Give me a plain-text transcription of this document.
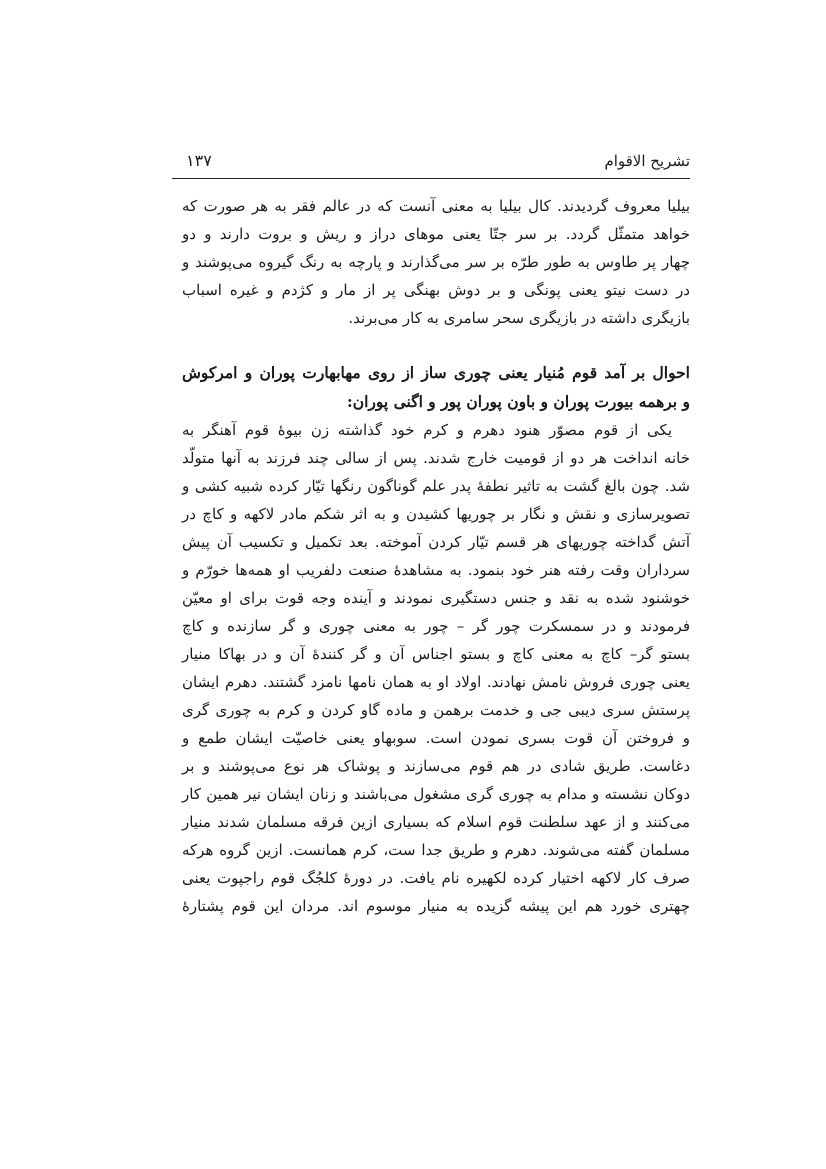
تشریح الاقوام
۱۳۷
بیلیا معروف گردیدند. کال بیلیا به معنی آنست که در عالم فقر به هر صورت که
خواهد متمثّل گردد. بر سر جتّا یعنی موهای دراز و ریش و بروت دارند و دو
چهار پر طاوس به طور طرّه بر سر می‌گذارند و پارچه به رنگ گیروه می‌پوشند و
در دست نیتو یعنی پونگی و بر دوش بهنگی پر از مار و کژدم و غیره اسباب
بازیگری داشته در بازیگری سحر سامری به کار می‌برند.
احوال بر آمد قوم مُنیار یعنی چوری ساز از روی مهابهارت پوران و امرکوش
و برهمه بیورت پوران و باون پوران پور و اگنی پوران:
یکی از قوم مصوّر هنود دهرم و کرم خود گذاشته زن بیوهٔ قوم آهنگر به
خانه انداخت هر دو از قومیت خارج شدند. پس از سالی چند فرزند به آنها متولّد
شد. چون بالغ گشت به تاثیر نطفهٔ پدر علم گوناگون رنگها تیّار کرده شبیه کشی و
تصویرسازی و نقش و نگار بر چوریها کشیدن و به اثر شکم مادر لاکهه و کاچ در
آتش گداخته چوریهای هر قسم تیّار کردن آموخته. بعد تکمیل و تکسیب آن پیش
سرداران وقت رفته هنر خود بنمود. به مشاهدهٔ صنعت دلفریب او همه‌ها خورّم و
خوشنود شده به نقد و جنس دستگیری نمودند و آینده وجه قوت برای او معیّن
فرمودند و در سمسکرت چور گر – چور به معنی چوری و گر سازنده و کاچ
بستو گر– کاچ به معنی کاچ و بستو اجناس آن و گر کنندهٔ آن و در بهاکا منیار
یعنی چوری فروش نامش نهادند. اولاد او به همان نامها نامزد گشتند. دهرم ایشان
پرستش سری دیبی جی و خدمت برهمن و ماده گاو کردن و کرم به چوری گری
و فروختن آن قوت بسری نمودن است. سوبهاو یعنی خاصیّت ایشان طمع و
دغاست. طریق شادی در هم قوم می‌سازند و پوشاک هر نوع می‌پوشند و بر
دوکان نشسته و مدام به چوری گری مشغول می‌باشند و زنان ایشان نیر همین کار
می‌کنند و از عهد سلطنت قوم اسلام که بسیاری ازین فرقه مسلمان شدند منیار
مسلمان گفته می‌شوند. دهرم و طریق جدا ست، کرم همانست. ازین گروه هرکه
صرف کار لاکهه اختیار کرده لکهیره نام یافت. در دورهٔ کلجُگ قوم راجپوت یعنی
چهتری خورد هم این پیشه گزیده به منیار موسوم اند. مردان این قوم پشتارهٔ
